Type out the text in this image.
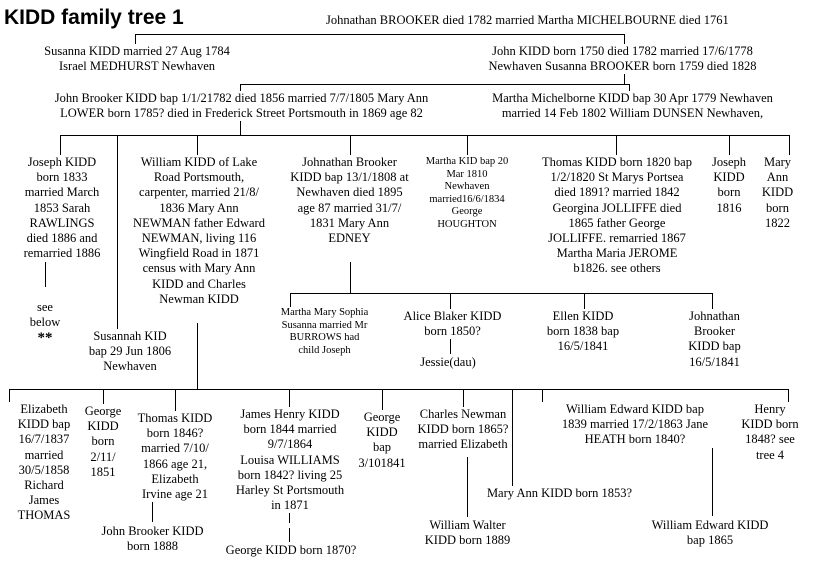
KIDD family tree 1	Johnathan BROOKER died 1782 married Martha MICHELBOURNE died 1761
Susanna KIDD married 27 Aug 1784
Israel MEDHURST Newhaven
John KIDD born 1750 died 1782 married 17/6/1778
Newhaven Susanna BROOKER born 1759 died 1828
John Brooker KIDD bap 1/1/21782 died 1856 married 7/7/1805 Mary Ann
LOWER born 1785? died in Frederick Street Portsmouth in 1869 age 82
Martha Michelborne KIDD bap 30 Apr 1779 Newhaven
married 14 Feb 1802 William DUNSEN Newhaven,
Joseph KIDD
born 1833
married March
1853 Sarah
RAWLINGS
died 1886 and
remarried 1886
see
below
**
William KIDD of Lake
Road Portsmouth,
carpenter, married 21/8/
1836 Mary Ann
NEWMAN father Edward
NEWMAN, living 116
Wingfield Road in 1871
census with Mary Ann
KIDD and Charles
Newman KIDD
Johnathan Brooker
KIDD bap 13/1/1808 at
Newhaven died 1895
age 87 married 31/7/
1831 Mary Ann
EDNEY
Martha KID bap 20
Mar 1810
Newhaven
married16/6/1834
George
HOUGHTON
Thomas KIDD born 1820 bap
1/2/1820 St Marys Portsea
died 1891? married 1842
Georgina JOLLIFFE died
1865 father George
JOLLIFFE. remarried 1867
Martha Maria JEROME
b1826. see others
Joseph
KIDD
born
1816
Mary
Ann
KIDD
born
1822
Susannah KID
bap 29 Jun 1806
Newhaven
Martha Mary Sophia
Susanna married Mr
BURROWS had
child Joseph
Alice Blaker KIDD
born 1850?
Jessie(dau)
Ellen KIDD
born 1838 bap
16/5/1841
Johnathan
Brooker
KIDD bap
16/5/1841
Elizabeth
KIDD bap
16/7/1837
married
30/5/1858
Richard
James
THOMAS
George
KIDD
born
2/11/
1851
Thomas KIDD
born 1846?
married 7/10/
1866 age 21,
Elizabeth
Irvine age 21
James Henry KIDD
born 1844 married
9/7/1864
Louisa WILLIAMS
born 1842? living 25
Harley St Portsmouth
in 1871
George
KIDD
bap
3/101841
Charles Newman
KIDD born 1865?
married Elizabeth
William Edward KIDD bap
1839 married 17/2/1863 Jane
HEATH born 1840?
Henry
KIDD born
1848? see
tree 4
Mary Ann KIDD born 1853?
John Brooker KIDD
born 1888	George KIDD born 1870?
William Walter
KIDD born 1889
William Edward KIDD
bap 1865
